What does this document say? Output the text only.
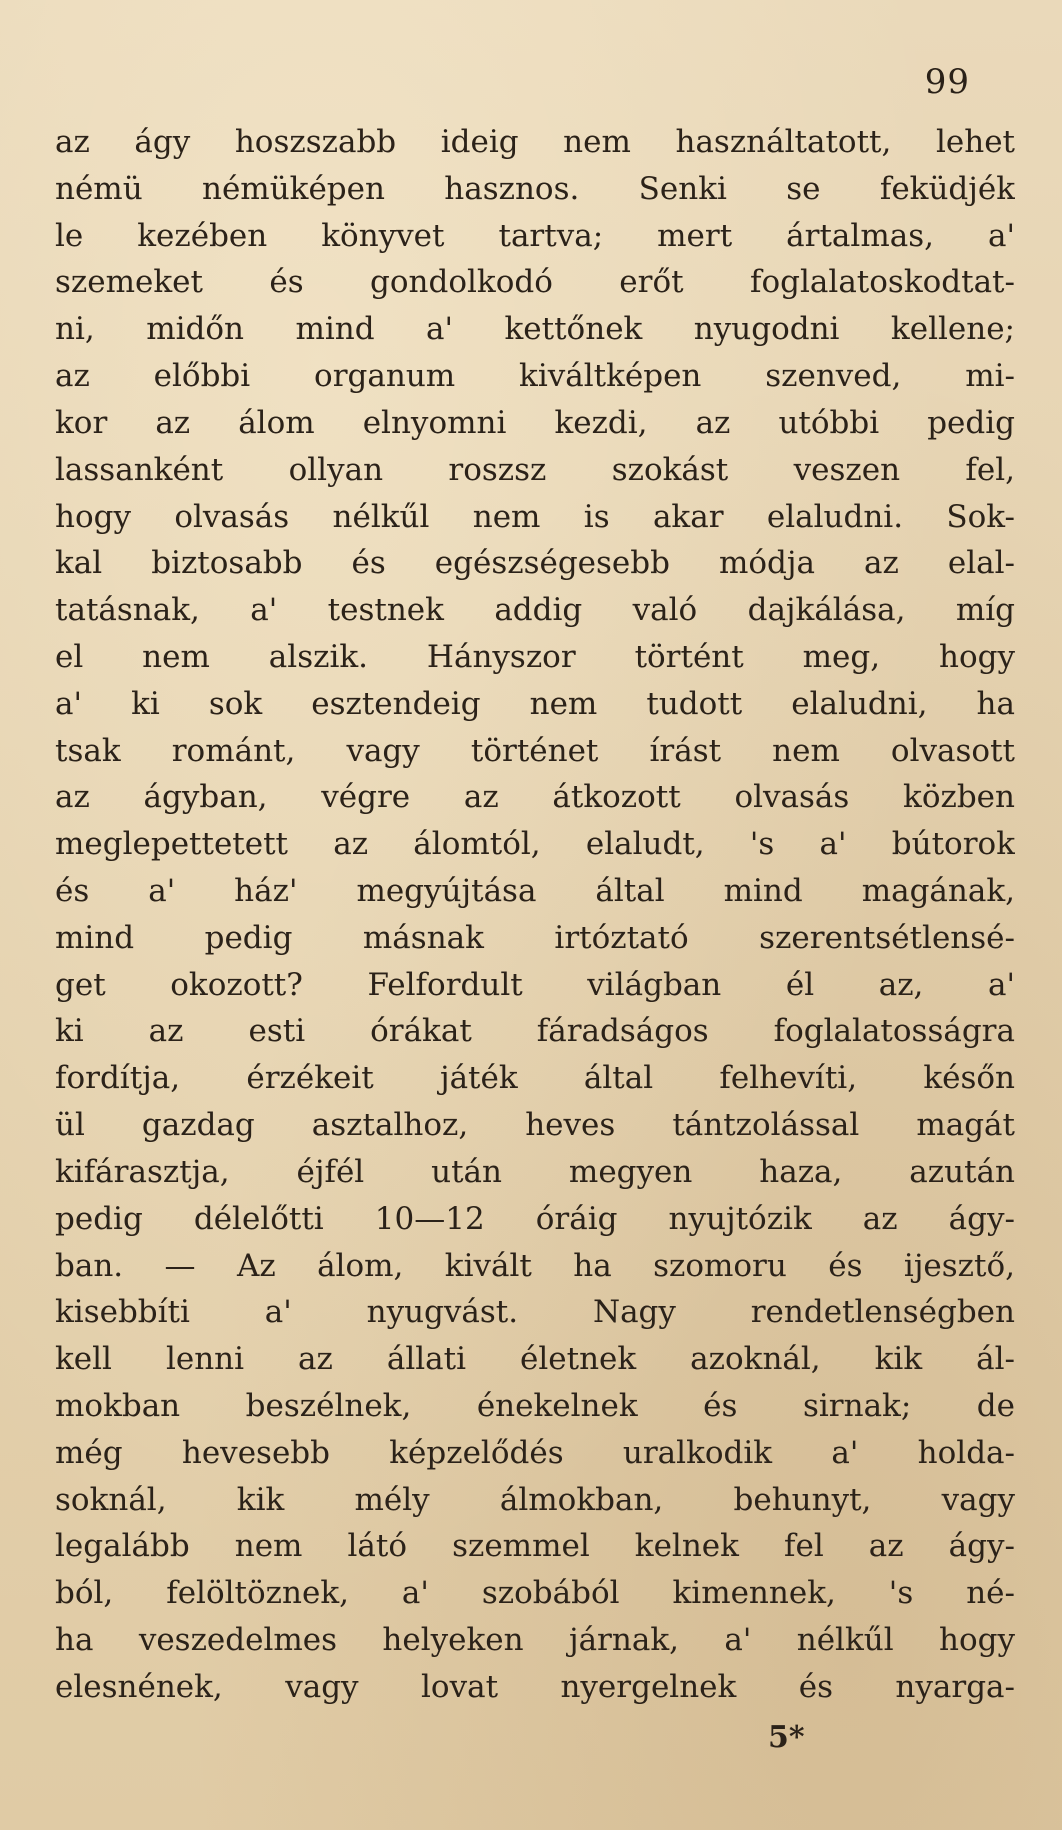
99
az ágy hoszszabb ideig nem használtatott, lehet
némü némüképen hasznos. Senki se feküdjék
le kezében könyvet tartva; mert ártalmas, a'
szemeket és gondolkodó erőt foglalatoskodtat-
ni, midőn mind a' kettőnek nyugodni kellene;
az előbbi organum kiváltképen szenved, mi-
kor az álom elnyomni kezdi, az utóbbi pedig
lassanként ollyan roszsz szokást veszen fel,
hogy olvasás nélkűl nem is akar elaludni. Sok-
kal biztosabb és egészségesebb módja az elal-
tatásnak, a' testnek addig való dajkálása, míg
el nem alszik. Hányszor történt meg, hogy
a' ki sok esztendeig nem tudott elaludni, ha
tsak románt, vagy történet írást nem olvasott
az ágyban, végre az átkozott olvasás közben
meglepettetett az álomtól, elaludt, 's a' bútorok
és a' ház' megyújtása által mind magának,
mind pedig másnak irtóztató szerentsétlensé-
get okozott? Felfordult világban él az, a'
ki az esti órákat fáradságos foglalatosságra
fordítja, érzékeit játék által felhevíti, későn
ül gazdag asztalhoz, heves tántzolással magát
kifárasztja, éjfél után megyen haza, azután
pedig délelőtti 10—12 óráig nyujtózik az ágy-
ban. — Az álom, kivált ha szomoru és ijesztő,
kisebbíti a' nyugvást. Nagy rendetlenségben
kell lenni az állati életnek azoknál, kik ál-
mokban beszélnek, énekelnek és sirnak; de
még hevesebb képzelődés uralkodik a' holda-
soknál, kik mély álmokban, behunyt, vagy
legalább nem látó szemmel kelnek fel az ágy-
ból, felöltöznek, a' szobából kimennek, 's né-
ha veszedelmes helyeken járnak, a' nélkűl hogy
elesnének, vagy lovat nyergelnek és nyarga-
5*
